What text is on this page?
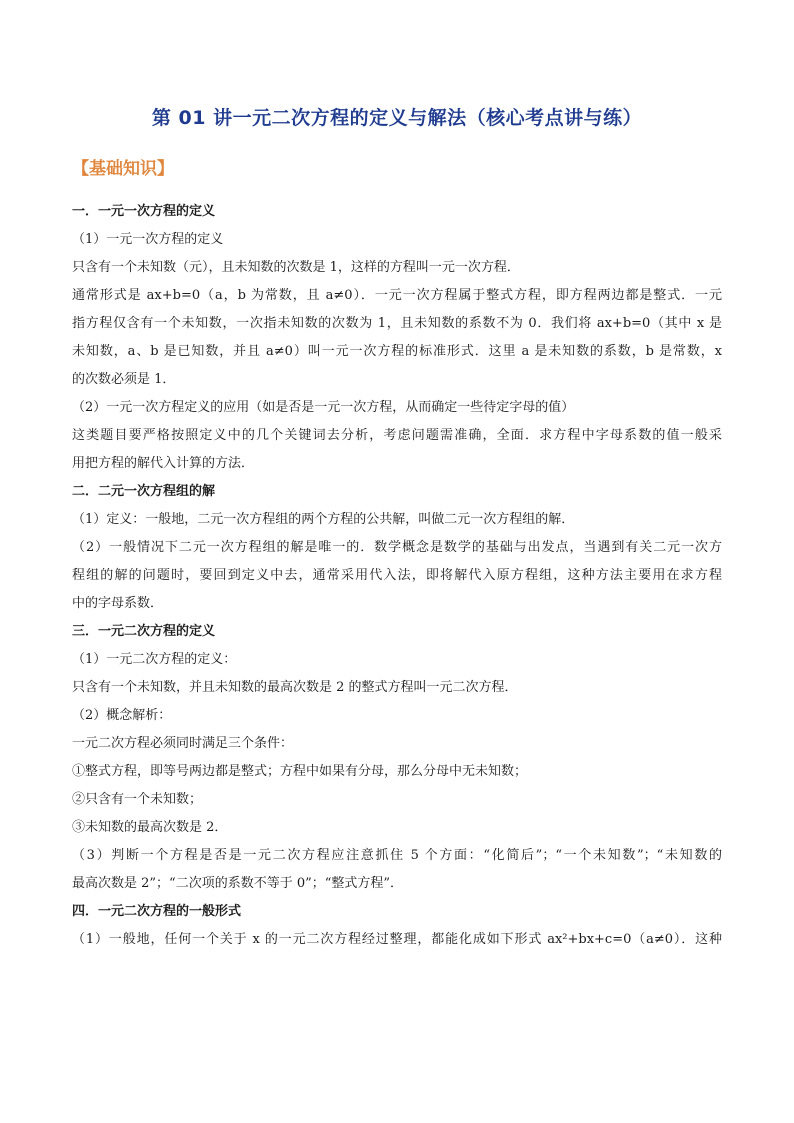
第 01 讲一元二次方程的定义与解法（核心考点讲与练）
【基础知识】
一．一元一次方程的定义
（1）一元一次方程的定义
只含有一个未知数（元），且未知数的次数是 1，这样的方程叫一元一次方程．
通常形式是 ax+b=0（a，b 为常数，且 a≠0）．一元一次方程属于整式方程，即方程两边都是整式．一元
指方程仅含有一个未知数，一次指未知数的次数为 1，且未知数的系数不为 0．我们将 ax+b=0（其中 x 是
未知数，a、b 是已知数，并且 a≠0）叫一元一次方程的标准形式．这里 a 是未知数的系数，b 是常数，x
的次数必须是 1．
（2）一元一次方程定义的应用（如是否是一元一次方程，从而确定一些待定字母的值）
这类题目要严格按照定义中的几个关键词去分析，考虑问题需准确，全面．求方程中字母系数的值一般采
用把方程的解代入计算的方法．
二．二元一次方程组的解
（1）定义：一般地，二元一次方程组的两个方程的公共解，叫做二元一次方程组的解．
（2）一般情况下二元一次方程组的解是唯一的．数学概念是数学的基础与出发点，当遇到有关二元一次方
程组的解的问题时，要回到定义中去，通常采用代入法，即将解代入原方程组，这种方法主要用在求方程
中的字母系数．
三．一元二次方程的定义
（1）一元二次方程的定义：
只含有一个未知数，并且未知数的最高次数是 2 的整式方程叫一元二次方程．
（2）概念解析：
一元二次方程必须同时满足三个条件：
①整式方程，即等号两边都是整式；方程中如果有分母，那么分母中无未知数；
②只含有一个未知数；
③未知数的最高次数是 2．
（3）判断一个方程是否是一元二次方程应注意抓住 5 个方面：“化简后”；“一个未知数”；“未知数的
最高次数是 2”；“二次项的系数不等于 0”；“整式方程”．
四．一元二次方程的一般形式
（1）一般地，任何一个关于 x 的一元二次方程经过整理，都能化成如下形式 ax²+bx+c=0（a≠0）．这种
